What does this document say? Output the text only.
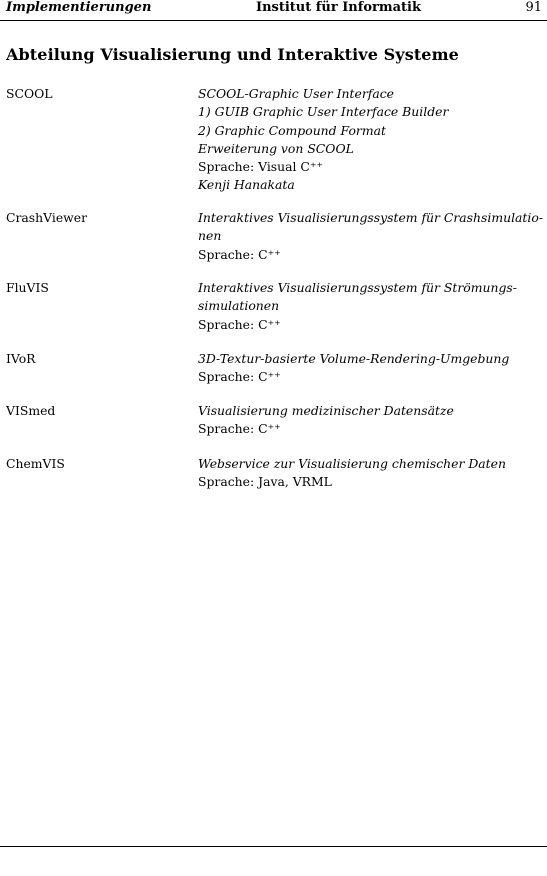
Implementierungen	Institut für Informatik	91
Abteilung Visualisierung und Interaktive Systeme
SCOOL	SCOOL-Graphic User Interface
1) GUIB Graphic User Interface Builder
2) Graphic Compound Format
Erweiterung von SCOOL
Sprache: Visual C⁺⁺
Kenji Hanakata
CrashViewer	Interaktives Visualisierungssystem für Crashsimulatio-
nen
Sprache: C⁺⁺
FluVIS	Interaktives Visualisierungssystem für Strömungs-
simulationen
Sprache: C⁺⁺
IVoR	3D-Textur-basierte Volume-Rendering-Umgebung
Sprache: C⁺⁺
VISmed	Visualisierung medizinischer Datensätze
Sprache: C⁺⁺
ChemVIS	Webservice zur Visualisierung chemischer Daten
Sprache: Java, VRML
